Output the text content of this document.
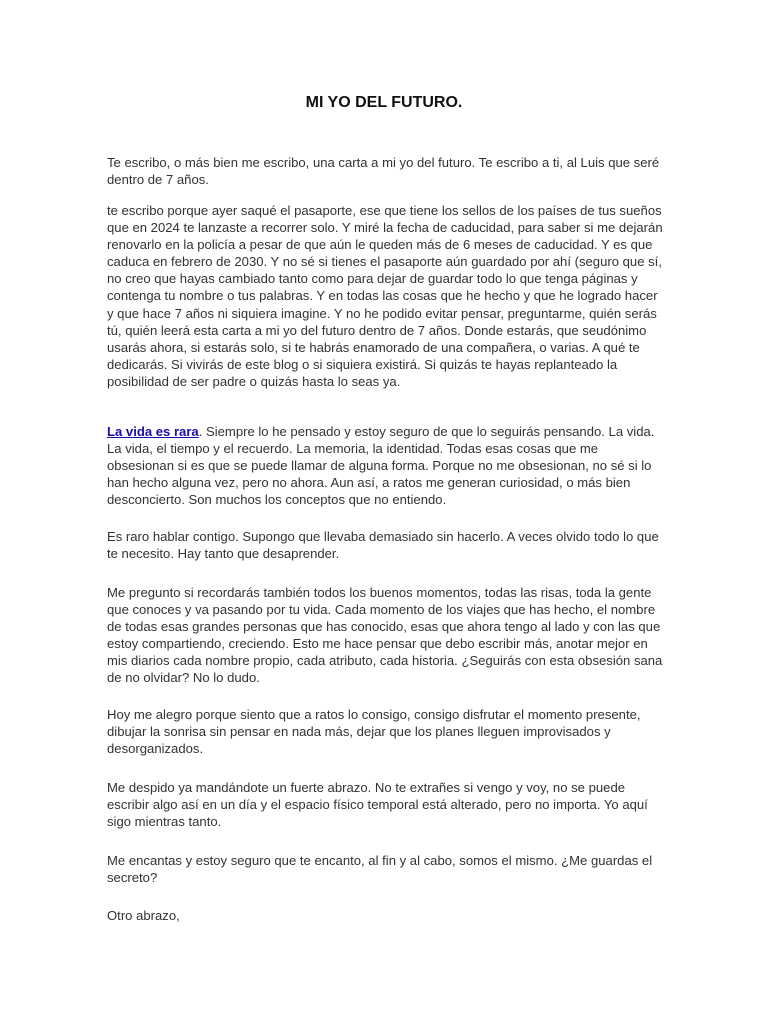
MI YO DEL FUTURO.

Te escribo, o más bien me escribo, una carta a mi yo del futuro. Te escribo a ti, al Luis que seré dentro de 7 años.

te escribo porque ayer saqué el pasaporte, ese que tiene los sellos de los países de tus sueños que en 2024 te lanzaste a recorrer solo. Y miré la fecha de caducidad, para saber si me dejarán renovarlo en la policía a pesar de que aún le queden más de 6 meses de caducidad. Y es que caduca en febrero de 2030. Y no sé si tienes el pasaporte aún guardado por ahí (seguro que sí, no creo que hayas cambiado tanto como para dejar de guardar todo lo que tenga páginas y contenga tu nombre o tus palabras. Y en todas las cosas que he hecho y que he logrado hacer y que hace 7 años ni siquiera imagine. Y no he podido evitar pensar, preguntarme, quién serás tú, quién leerá esta carta a mi yo del futuro dentro de 7 años. Donde estarás, que seudónimo usarás ahora, si estarás solo, si te habrás enamorado de una compañera, o varias. A qué te dedicarás. Si vivirás de este blog o si siquiera existirá. Si quizás te hayas replanteado la posibilidad de ser padre o quizás hasta lo seas ya.

La vida es rara. Siempre lo he pensado y estoy seguro de que lo seguirás pensando. La vida. La vida, el tiempo y el recuerdo. La memoria, la identidad. Todas esas cosas que me obsesionan si es que se puede llamar de alguna forma. Porque no me obsesionan, no sé si lo han hecho alguna vez, pero no ahora. Aun así, a ratos me generan curiosidad, o más bien desconcierto. Son muchos los conceptos que no entiendo.

Es raro hablar contigo. Supongo que llevaba demasiado sin hacerlo. A veces olvido todo lo que te necesito. Hay tanto que desaprender.

Me pregunto si recordarás también todos los buenos momentos, todas las risas, toda la gente que conoces y va pasando por tu vida. Cada momento de los viajes que has hecho, el nombre de todas esas grandes personas que has conocido, esas que ahora tengo al lado y con las que estoy compartiendo, creciendo. Esto me hace pensar que debo escribir más, anotar mejor en mis diarios cada nombre propio, cada atributo, cada historia. ¿Seguirás con esta obsesión sana de no olvidar? No lo dudo.

Hoy me alegro porque siento que a ratos lo consigo, consigo disfrutar el momento presente, dibujar la sonrisa sin pensar en nada más, dejar que los planes lleguen improvisados y desorganizados.

Me despido ya mandándote un fuerte abrazo. No te extrañes si vengo y voy, no se puede escribir algo así en un día y el espacio físico temporal está alterado, pero no importa. Yo aquí sigo mientras tanto.

Me encantas y estoy seguro que te encanto, al fin y al cabo, somos el mismo. ¿Me guardas el secreto?

Otro abrazo,
